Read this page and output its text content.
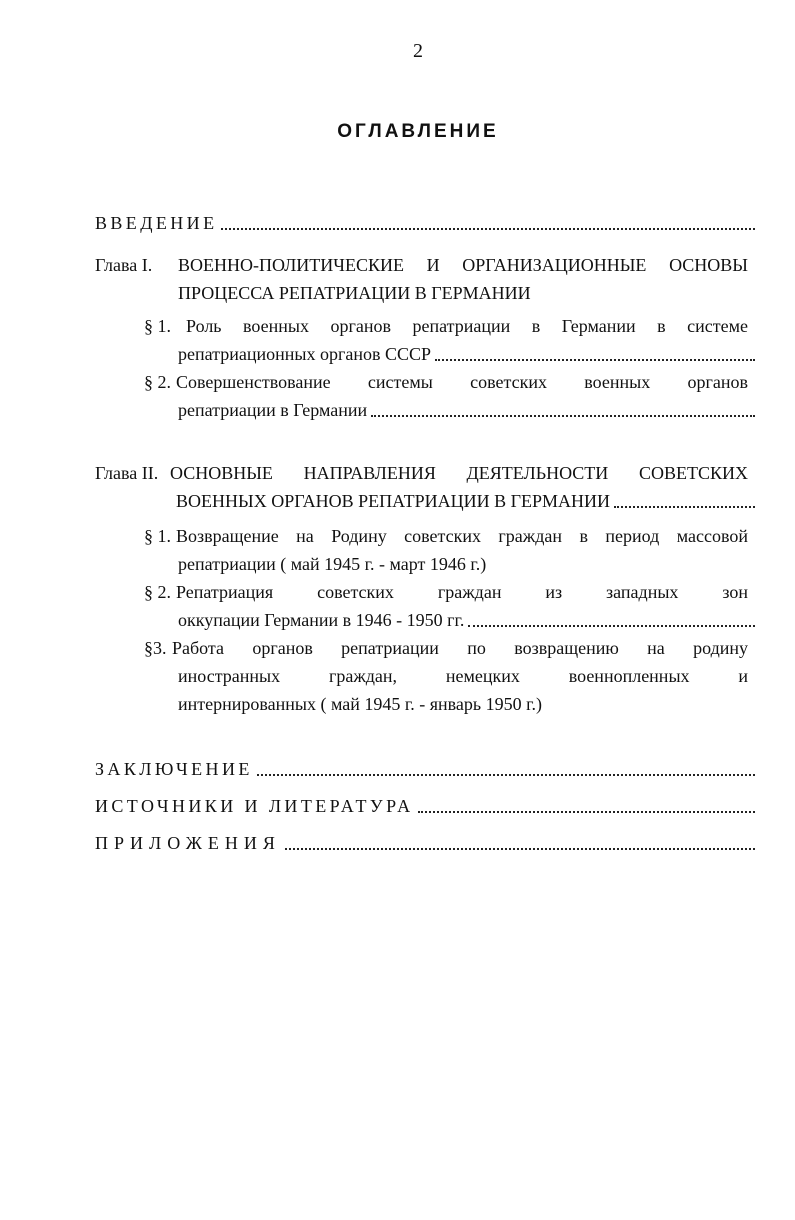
2
ОГЛАВЛЕНИЕ
ВВЕДЕНИЕ
Глава I. ВОЕННО-ПОЛИТИЧЕСКИЕ И ОРГАНИЗАЦИОННЫЕ ОСНОВЫ
ПРОЦЕССА РЕПАТРИАЦИИ В ГЕРМАНИИ
§ 1. Роль военных органов репатриации в Германии в системе
репатриационных органов СССР
§ 2. Совершенствование системы советских военных органов
репатриации в Германии
Глава II. ОСНОВНЫЕ НАПРАВЛЕНИЯ ДЕЯТЕЛЬНОСТИ СОВЕТСКИХ
ВОЕННЫХ ОРГАНОВ РЕПАТРИАЦИИ В ГЕРМАНИИ
§ 1. Возвращение на Родину советских граждан в период массовой
репатриации ( май 1945 г. - март 1946 г.)
§ 2. Репатриация советских граждан из западных зон
оккупации Германии в 1946 - 1950 гг.
§3. Работа органов репатриации по возвращению на родину
иностранных граждан, немецких военнопленных и
интернированных ( май 1945 г. - январь 1950 г.)
ЗАКЛЮЧЕНИЕ
ИСТОЧНИКИ И ЛИТЕРАТУРА
ПРИЛОЖЕНИЯ
